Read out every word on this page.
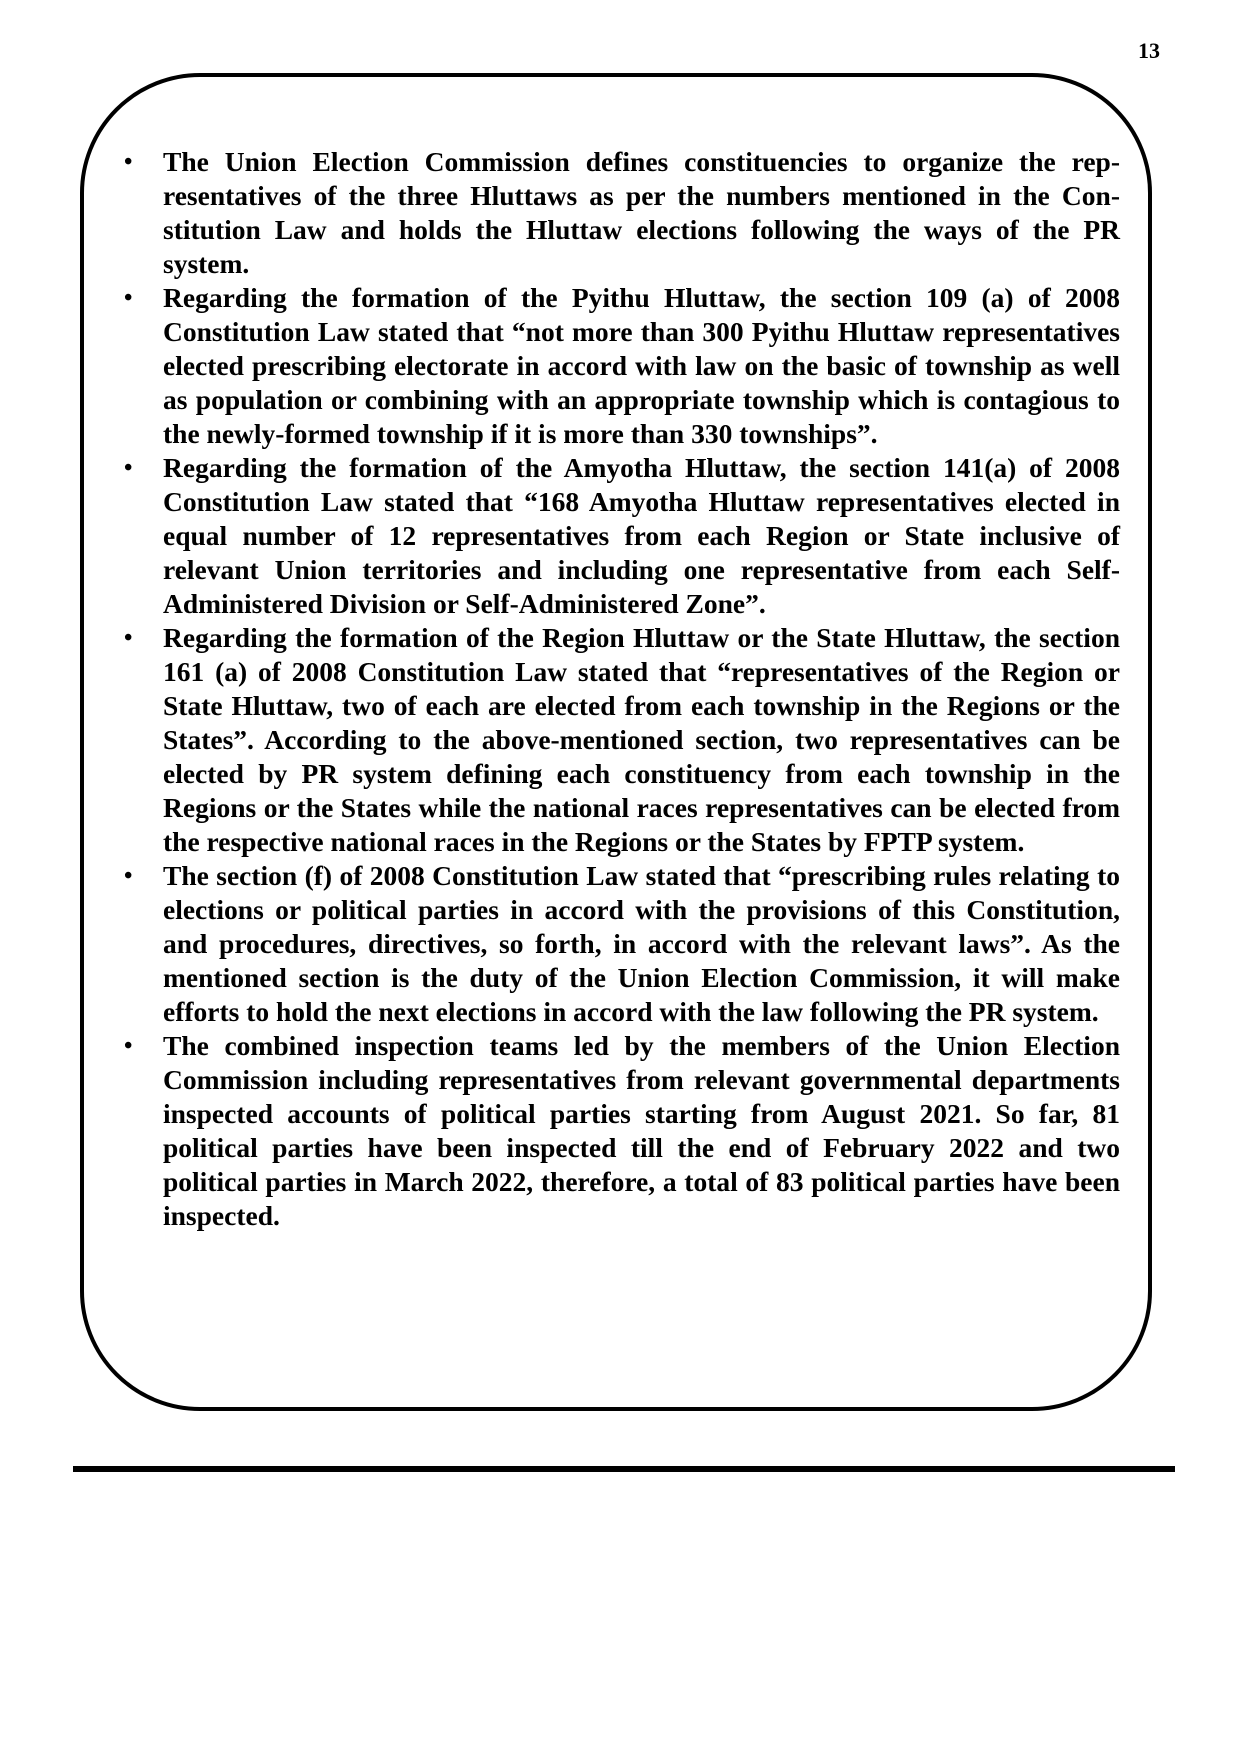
13
• The Union Election Commission defines constituencies to organize the representatives of the three Hluttaws as per the numbers mentioned in the Constitution Law and holds the Hluttaw elections following the ways of the PR system.
• Regarding the formation of the Pyithu Hluttaw, the section 109 (a) of 2008 Constitution Law stated that “not more than 300 Pyithu Hluttaw representatives elected prescribing electorate in accord with law on the basic of township as well as population or combining with an appropriate township which is contagious to the newly-formed township if it is more than 330 townships”.
• Regarding the formation of the Amyotha Hluttaw, the section 141(a) of 2008 Constitution Law stated that “168 Amyotha Hluttaw representatives elected in equal number of 12 representatives from each Region or State inclusive of relevant Union territories and including one representative from each Self-Administered Division or Self-Administered Zone”.
• Regarding the formation of the Region Hluttaw or the State Hluttaw, the section 161 (a) of 2008 Constitution Law stated that “representatives of the Region or State Hluttaw, two of each are elected from each township in the Regions or the States”. According to the above-mentioned section, two representatives can be elected by PR system defining each constituency from each township in the Regions or the States while the national races representatives can be elected from the respective national races in the Regions or the States by FPTP system.
• The section (f) of 2008 Constitution Law stated that “prescribing rules relating to elections or political parties in accord with the provisions of this Constitution, and procedures, directives, so forth, in accord with the relevant laws”. As the mentioned section is the duty of the Union Election Commission, it will make efforts to hold the next elections in accord with the law following the PR system.
• The combined inspection teams led by the members of the Union Election Commission including representatives from relevant governmental departments inspected accounts of political parties starting from August 2021. So far, 81 political parties have been inspected till the end of February 2022 and two political parties in March 2022, therefore, a total of 83 political parties have been inspected.
